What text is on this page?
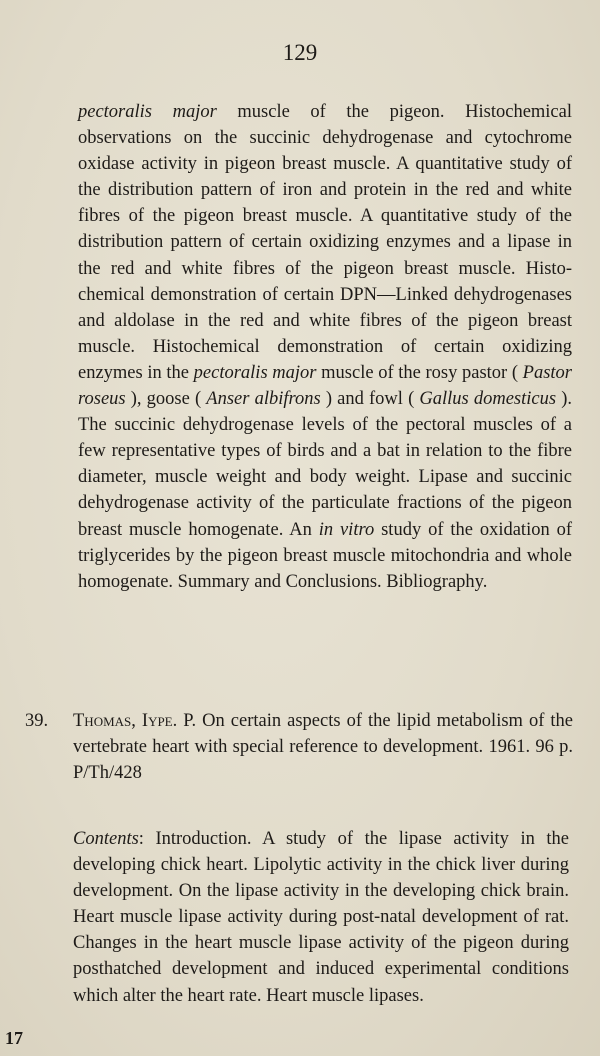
129

pectoralis major muscle of the pigeon. Histochemical observations on the succinic dehydrogenase and cytochrome oxidase activity in pigeon breast muscle. A quantitative study of the distribution pattern of iron and protein in the red and white fibres of the pigeon breast muscle. A quantitative study of the distribution pattern of certain oxidizing enzymes and a lipase in the red and white fibres of the pigeon breast muscle. Histochemical demonstration of certain DPN—Linked dehydrogenases and aldolase in the red and white fibres of the pigeon breast muscle. Histochemical demonstration of certain oxidizing enzymes in the pectoralis major muscle of the rosy pastor ( Pastor roseus ), goose ( Anser albifrons ) and fowl ( Gallus domesticus ). The succinic dehydrogenase levels of the pectoral muscles of a few representative types of birds and a bat in relation to the fibre diameter, muscle weight and body weight. Lipase and succinic dehydrogenase activity of the particulate fractions of the pigeon breast muscle homogenate. An in vitro study of the oxidation of triglycerides by the pigeon breast muscle mitochondria and whole homogenate. Summary and Conclusions. Bibliography.

39. Thomas, Iype. P. On certain aspects of the lipid metabolism of the vertebrate heart with special reference to development. 1961. 96 p. P/Th/428

Contents: Introduction. A study of the lipase activity in the developing chick heart. Lipolytic activity in the chick liver during development. On the lipase activity in the developing chick brain. Heart muscle lipase activity during post-natal development of rat. Changes in the heart muscle lipase activity of the pigeon during posthatched development and induced experimental conditions which alter the heart rate. Heart muscle lipases.

17
